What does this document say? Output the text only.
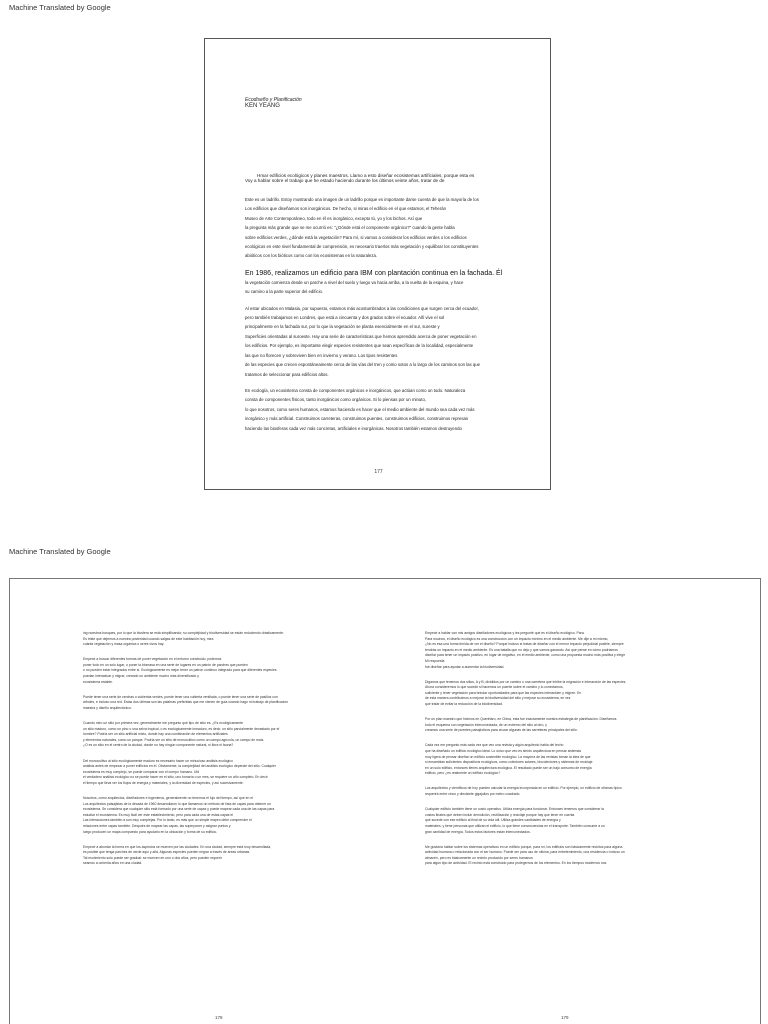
Machine Translated by Google
Ecodiseño y Planificación
KEN YEANG
Hmar edificios ecológicos y planes maestros. Llamo a esto diseñar ecosistemas artificiales, porque esta es
Voy a hablar sobre el trabajo que he estado haciendo durante los últimos veinte años, tratar de de
Este es un ladrillo. Estoy mostrando una imagen de un ladrillo porque es importante darse cuenta de que la mayoría de los
Los edificios que diseñamos son inorgánicos. De hecho, si miras el edificio en el que estamos, el Teherán
Museo de Arte Contemporáneo, todo en él es inorgánico, excepto tú, yo y los bichos. Así que
la pregunta más grande que se me ocurrió es: "¿Dónde está el componente orgánico?" cuando la gente habla
sobre edificios verdes, ¿dónde está la vegetación? Para mí, si vamos a considerar los edificios verdes o los edificios
ecológicos en este nivel fundamental de comprensión, es necesario traerlos más vegetación y equilibrar los constituyentes
abióticos con los bióticos como con los ecosistemas en la naturaleza.
En 1986, realizamos un edificio para IBM con plantación continua en la fachada. Él
la vegetación comienza desde un parche a nivel del suelo y luego va hacia arriba, a la vuelta de la esquina, y hace
su camino a la parte superior del edificio.
Al estar ubicados en Malasia, por supuesto, estamos más acostumbrados a las condiciones que surgen cerca del ecuador,
pero también trabajamos en Londres, que está a cincuenta y dos grados sobre el ecuador. Allí vive el sol
principalmente en la fachada sur, por lo que la vegetación se planta esencialmente en el sur, sureste y
Superficies orientadas al suroeste. Hay una serie de características que hemos aprendido acerca de poner vegetación en
los edificios. Por ejemplo, es importante elegir especies resistentes que sean específicas de la localidad, especialmente
las que no florecen y sobreviven bien en invierno y verano. Los tipos resistentes
de las especies que crecen espontáneamente cerca de las vías del tren y como sotos a lo largo de los caminos son las que
tratamos de seleccionar para edificios altos.
En ecología, un ecosistema consta de componentes orgánicos e inorgánicos, que actúan como un todo. Naturaleza
consta de componentes físicos, tanto inorgánicos como orgánicos. Si lo piensas por un minuto,
lo que nosotros, como seres humanos, estamos haciendo es hacer que el medio ambiente del mundo sea cada vez más
inorgánico y más artificial. Construimos carreteras, construimos puentes, construimos edificios, construimos represas
haciendo las biosferas cada vez más concretas, artificiales e inorgánicas. Nosotros también estamos destruyendo
177
Machine Translated by Google
ing nuestros bosques, por lo que la biosfera se está simplificando; su complejidad y biodiversidad se están reduciendo drásticamente.
Es triste que dejemos a nuestra posteridad cuando salgas de este habitación hoy, mira
cuánta vegetación y masa orgánica o seres vivos hay.
Empecé a buscar diferentes formas de poner vegetación en el entorno construido, podemos
poner todo en un solo lugar, o poner la biomasa en una serie de lugares en un patrón de parches que pueden
o no pueden estar integrados entre sí. Ecológicamente es mejor tener un patrón continuo integrado para que diferentes especies
puedan interactuar y migrar, creando un ambiente mucho más diversificado y
ecosistema estable.
Puede tener una serie de cerchas o cubiertas verdes, puede tener una cubierta ventilada, o puede tener una serie de pasillos con
árboles, e incluso una red. Estas dos últimas son las palabras preferidas que me vienen de guía cuando hago mi trabajo de planificación
maestra y diseño arquitectónico.
Cuando miro un sitio por primera vez, generalmente me pregunto qué tipo de sitio es. ¿Es ecológicamente
un sitio maduro, como un pino o una selva tropical, o es ecológicamente inmaduro, es decir, un sitio parcialmente devastado por el
hombre? Podría ser un sitio artificial mixto, donde hay una combinación de elementos artificiales
y elementos naturales, como un parque. Podría ser un sitio de monocultivo como un campo agrícola, un campo de maíz.
¿O es un sitio en el centro de la ciudad, donde no hay ningún componente natural, ni flora ni fauna?
Del monocultivo al sitio ecológicamente maduro es necesario hacer un minucioso análisis ecológico
análisis antes de empezar a poner edificios en él. Obviamente, la complejidad del análisis ecológico depende del sitio. Cualquier
ecosistema es muy complejo, se puede comparar con el cuerpo humano. Ubi
el verdadero análisis ecológico no se puede hacer en el sitio, uno tomaría o un mes, se requiere un año completo. En decir
el tiempo que lleva ver los flujos de energía y materiales, y la diversidad de especies, y así sucesivamente.
Nosotros, como arquitectos, diseñadores e ingenieros, generalmente no tenemos el lujo del tiempo, así que en el
Los arquitectos paisajistas de la década de 1960 desarrollaron lo que llamamos un método de lista de capas para obtener un
ecosistema. Se considera que cualquier sitio está formado por una serie de capas y puede mapear cada una de las capas para
estudiar el ecosistema. Es muy fácil ver este establecimiento, pero para cada una de estas capas el
Las interacciones también a son muy complejas. Por lo tanto, es más que un simple mapeo debe comprender el
relaciones entre capas también. Después de mapear las capas, las superponer y asignar puntos y
luego producen un mapa compuesto para ayudarlo en la ubicación y forma de su edificio.
Empecé a abordar la forma en que los aspectos se mueven por las ciudades. En una ciudad, siempre está muy desarrollada,
es posible que tenga parches de verde aquí y allá. Algunas especies pueden migrar a través de áreas urbanas.
Tal movimiento solo puede ser gradual: se mueven en uno o dos años, pero pueden requerir
seamos a ochenta años en una ciudad.
Empecé a hablar con mis amigos diseñadores ecológicos y les pregunté qué es el diseño ecológico. Para
Para muchos, el diseño ecológico es una construcción con un impacto mínimo en el medio ambiente. Me dije a mí mismo,
¿No es esa una forma tímida de ver el diseño? Porque incluso si tratas de diseñar con el menor impacto perjudicial posible, siempre
tendrás un impacto en el medio ambiente. Es una batalla que no dejo y que vamos ganando. Así que pensé en cómo podríamos
diseñar para tener un impacto positivo, en lugar de negativo, en el medio ambiente, como una propuesta mucho más positiva y elegir
Mi respuesta
fue diseñar para ayudar a aumentar la biodiversidad.
Digamos que tenemos dos sitios, A y B, divididos por un camino o una carretera que inhibe la migración e interacción de las especies.
Ahora consideremos lo que sucede si hacemos un puente sobre el camino y lo conectamos,
suficiente y tener vegetación para brindar oportunidades para que las especies interactúen y migren. En
de esta manera contribuimos a mejorar la biodiversidad del sitio y mejorar su ecosistema, en vez
que tratar de evitar la reducción de la biodiversidad.
Por un plan maestro que hicimos en Querétaro, en China, esta fue exactamente nuestra estrategia de planificación. Diseñamos
todo el esquema con vegetación interconectada, de un extremo del sitio al otro, y
creamos una serie de puentes paisajísticos para cruzar algunas de las carreteras principales del sitio.
Cada vez me pregunto más cada vez que veo una revista y algún arquitecto habla del techo
que ha diseñado un edificio ecológico ideal. Lo único que veo es siento arquitectura en pensar sistemas
muy ligera de pensar diseñar un edificio sostenible ecológico. La mayoría de las revistas toman la idea de que
si ensamblas suficientes dispositivos ecológicos, como colectores solares, biocolectores y sistemas de reciclaje
en un solo edificio, entonces tienes arquitectura ecológica. El resultado puede ser un bajo consumo de energía
edificio, pero ¿es realmente un edificio ecológico?
Los arquitectos y científicos de hoy pueden calcular la energía incorporada en un edificio. Por ejemplo, un edificio de oficinas típico
requerirá entre cinco y diecisiete gigajulios por metro cuadrado.
Cualquier edificio también tiene un costo operativo. Utiliza energía para funcionar. Entonces tenemos que considerar la
costos finales que deben incluir demolición, reutilización y reciclaje porque hay que tener en cuenta
qué sucede con ese edificio al final de su vida útil. Utiliza grandes cantidades de energía y
materiales, y tiene personas que utilizan el edificio, lo que tiene consecuencias en el transporte. También consume a un
gran cantidad de energía. Todos estos factores están interconectados.
Me gustaría hablar sobre los sistemas operativos en un edificio porque, para mí, los edificios son básicamente recintos para alguna
actividad humana o relacionada con el ser humano. Puede ser para uso de oficina, para entretenimiento, una residencia o incluso un
almacén, pero es básicamente un recinto producido por seres humanos
para algún tipo de actividad. El recinto está construido para protegernos de los elementos. En los tiempos modernos nos
178	179
